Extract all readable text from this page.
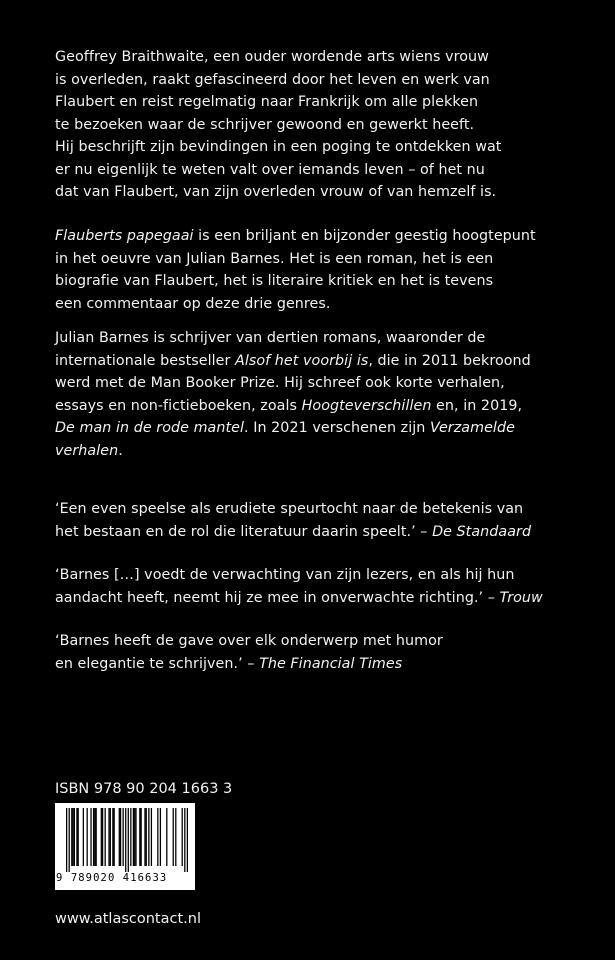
Geoffrey Braithwaite, een ouder wordende arts wiens vrouw
is overleden, raakt gefascineerd door het leven en werk van
Flaubert en reist regelmatig naar Frankrijk om alle plekken
te bezoeken waar de schrijver gewoond en gewerkt heeft.
Hij beschrijft zijn bevindingen in een poging te ontdekken wat
er nu eigenlijk te weten valt over iemands leven – of het nu
dat van Flaubert, van zijn overleden vrouw of van hemzelf is.
Flauberts papegaai is een briljant en bijzonder geestig hoogtepunt
in het oeuvre van Julian Barnes. Het is een roman, het is een
biografie van Flaubert, het is literaire kritiek en het is tevens
een commentaar op deze drie genres.
Julian Barnes is schrijver van dertien romans, waaronder de
internationale bestseller Alsof het voorbij is, die in 2011 bekroond
werd met de Man Booker Prize. Hij schreef ook korte verhalen,
essays en non-fictieboeken, zoals Hoogteverschillen en, in 2019,
De man in de rode mantel. In 2021 verschenen zijn Verzamelde
verhalen.
‘Een even speelse als erudiete speurtocht naar de betekenis van
het bestaan en de rol die literatuur daarin speelt.’ – De Standaard
‘Barnes […] voedt de verwachting van zijn lezers, en als hij hun
aandacht heeft, neemt hij ze mee in onverwachte richting.’ – Trouw
‘Barnes heeft de gave over elk onderwerp met humor
en elegantie te schrijven.’ – The Financial Times
ISBN 978 90 204 1663 3
9 789020 416633
www.atlascontact.nl
